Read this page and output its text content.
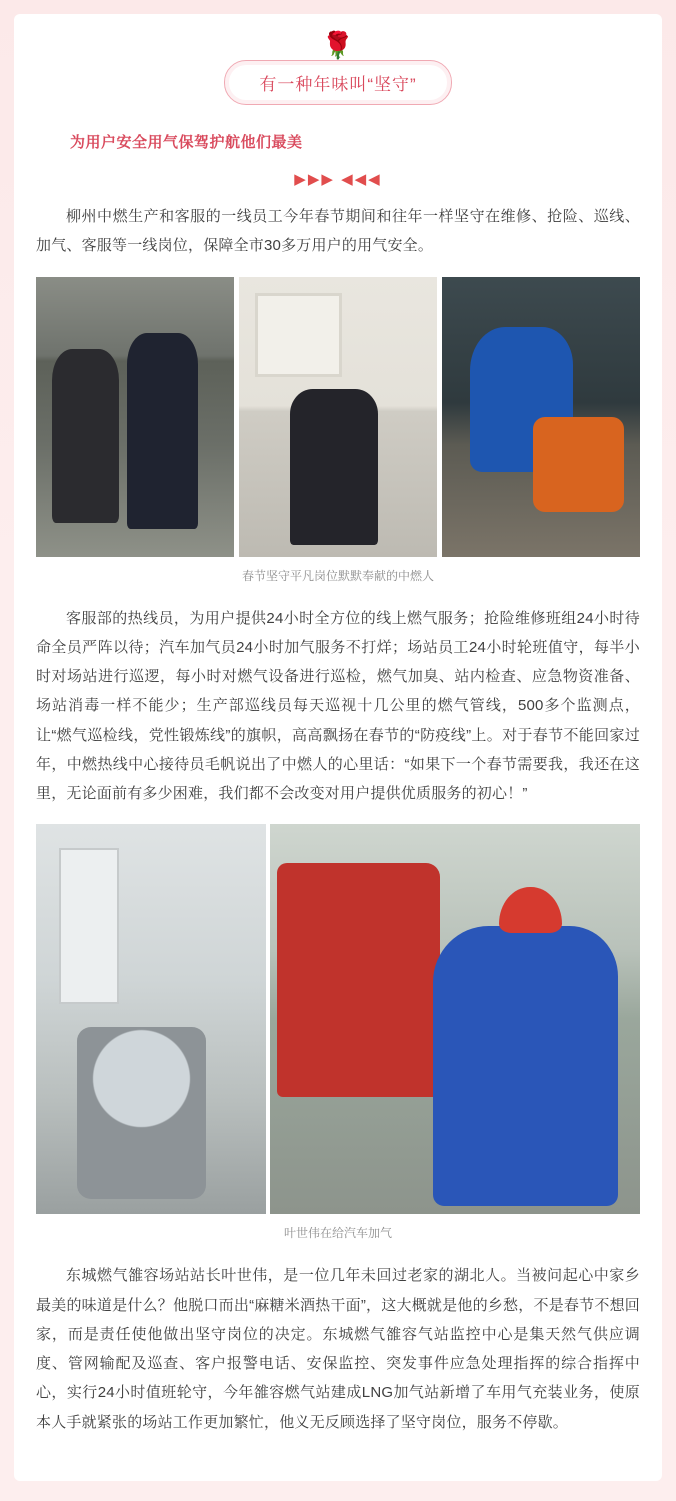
🌹
有一种年味叫“坚守”
为用户安全用气保驾护航他们最美
▶▶▶ ◀◀◀

柳州中燃生产和客服的一线员工今年春节期间和往年一样坚守在维修、抢险、巡线、加气、客服等一线岗位，保障全市30多万用户的用气安全。

春节坚守平凡岗位默默奉献的中燃人

客服部的热线员，为用户提供24小时全方位的线上燃气服务；抢险维修班组24小时待命全员严阵以待；汽车加气员24小时加气服务不打烊；场站员工24小时轮班值守，每半小时对场站进行巡逻，每小时对燃气设备进行巡检，燃气加臭、站内检查、应急物资准备、场站消毒一样不能少；生产部巡线员每天巡视十几公里的燃气管线，500多个监测点，让“燃气巡检线，党性锻炼线”的旗帜，高高飘扬在春节的“防疫线”上。对于春节不能回家过年，中燃热线中心接待员毛帆说出了中燃人的心里话：“如果下一个春节需要我，我还在这里，无论面前有多少困难，我们都不会改变对用户提供优质服务的初心！”

叶世伟在给汽车加气

东城燃气雒容场站站长叶世伟，是一位几年未回过老家的湖北人。当被问起心中家乡最美的味道是什么？他脱口而出“麻糖米酒热干面”，这大概就是他的乡愁，不是春节不想回家，而是责任使他做出坚守岗位的决定。东城燃气雒容气站监控中心是集天然气供应调度、管网输配及巡查、客户报警电话、安保监控、突发事件应急处理指挥的综合指挥中心，实行24小时值班轮守，今年雒容燃气站建成LNG加气站新增了车用气充装业务，使原本人手就紧张的场站工作更加繁忙，他义无反顾选择了坚守岗位，服务不停歇。
